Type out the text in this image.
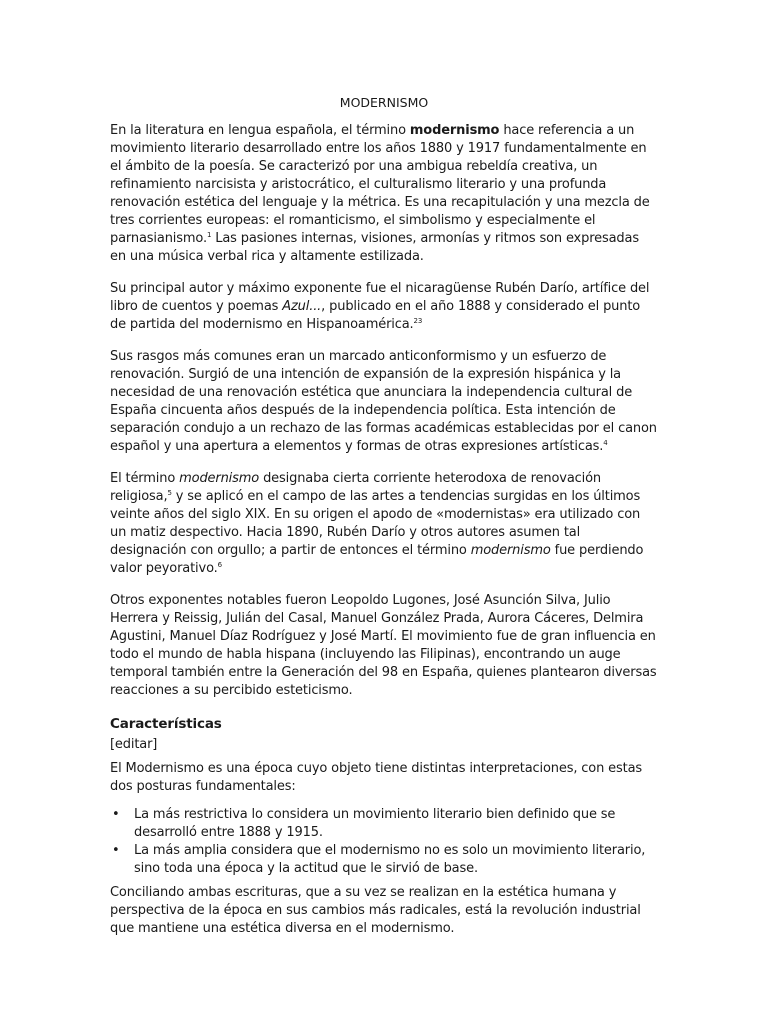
MODERNISMO

En la literatura en lengua española, el término modernismo hace referencia a un movimiento literario desarrollado entre los años 1880 y 1917 fundamentalmente en el ámbito de la poesía. Se caracterizó por una ambigua rebeldía creativa, un refinamiento narcisista y aristocrático, el culturalismo literario y una profunda renovación estética del lenguaje y la métrica. Es una recapitulación y una mezcla de tres corrientes europeas: el romanticismo, el simbolismo y especialmente el parnasianismo.$^1$ Las pasiones internas, visiones, armonías y ritmos son expresadas en una música verbal rica y altamente estilizada.

Su principal autor y máximo exponente fue el nicaragüense Rubén Darío, artífice del libro de cuentos y poemas Azul..., publicado en el año 1888 y considerado el punto de partida del modernismo en Hispanoamérica.$^{23}$

Sus rasgos más comunes eran un marcado anticonformismo y un esfuerzo de renovación. Surgió de una intención de expansión de la expresión hispánica y la necesidad de una renovación estética que anunciara la independencia cultural de España cincuenta años después de la independencia política. Esta intención de separación condujo a un rechazo de las formas académicas establecidas por el canon español y una apertura a elementos y formas de otras expresiones artísticas.$^4$

El término modernismo designaba cierta corriente heterodoxa de renovación religiosa,$^5$ y se aplicó en el campo de las artes a tendencias surgidas en los últimos veinte años del siglo XIX. En su origen el apodo de «modernistas» era utilizado con un matiz despectivo. Hacia 1890, Rubén Darío y otros autores asumen tal designación con orgullo; a partir de entonces el término modernismo fue perdiendo valor peyorativo.$^6$

Otros exponentes notables fueron Leopoldo Lugones, José Asunción Silva, Julio Herrera y Reissig, Julián del Casal, Manuel González Prada, Aurora Cáceres, Delmira Agustini, Manuel Díaz Rodríguez y José Martí. El movimiento fue de gran influencia en todo el mundo de habla hispana (incluyendo las Filipinas), encontrando un auge temporal también entre la Generación del 98 en España, quienes plantearon diversas reacciones a su percibido esteticismo.

Características
[editar]

El Modernismo es una época cuyo objeto tiene distintas interpretaciones, con estas dos posturas fundamentales:

• La más restrictiva lo considera un movimiento literario bien definido que se desarrolló entre 1888 y 1915.
• La más amplia considera que el modernismo no es solo un movimiento literario, sino toda una época y la actitud que le sirvió de base.

Conciliando ambas escrituras, que a su vez se realizan en la estética humana y perspectiva de la época en sus cambios más radicales, está la revolución industrial que mantiene una estética diversa en el modernismo.
